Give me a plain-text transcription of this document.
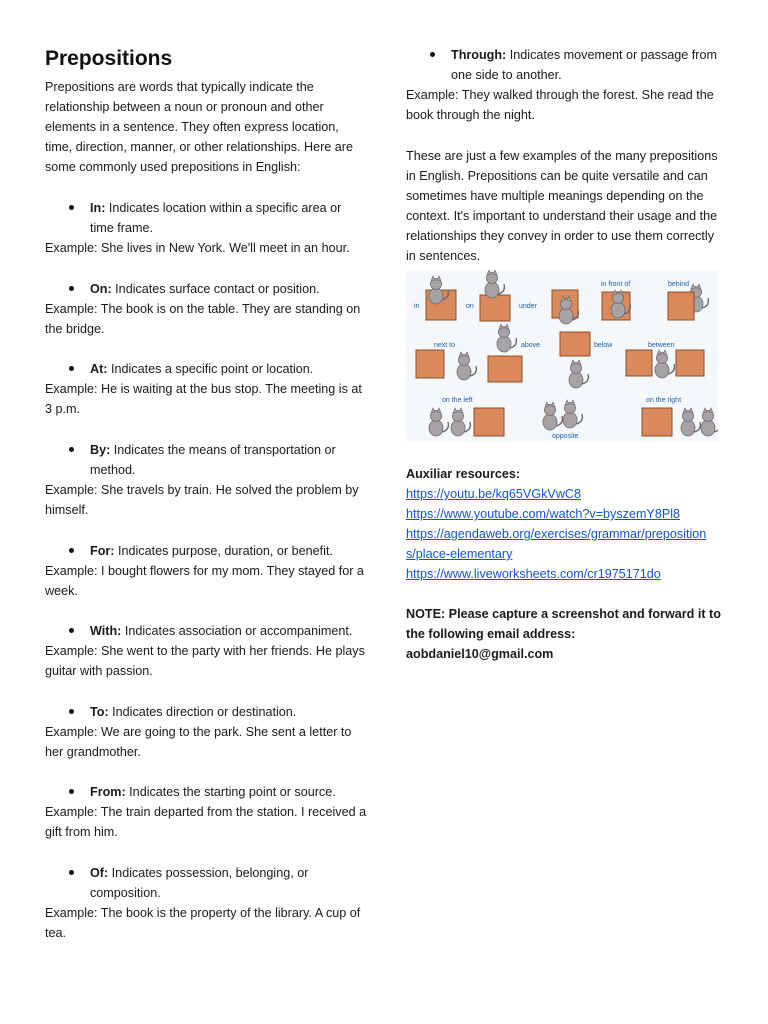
Prepositions

Prepositions are words that typically indicate the relationship between a noun or pronoun and other elements in a sentence. They often express location, time, direction, manner, or other relationships. Here are some commonly used prepositions in English:

In: Indicates location within a specific area or time frame.
Example: She lives in New York. We'll meet in an hour.
On: Indicates surface contact or position.
Example: The book is on the table. They are standing on the bridge.
At: Indicates a specific point or location.
Example: He is waiting at the bus stop. The meeting is at 3 p.m.
By: Indicates the means of transportation or method.
Example: She travels by train. He solved the problem by himself.
For: Indicates purpose, duration, or benefit.
Example: I bought flowers for my mom. They stayed for a week.
With: Indicates association or accompaniment.
Example: She went to the party with her friends. He plays guitar with passion.
To: Indicates direction or destination.
Example: We are going to the park. She sent a letter to her grandmother.
From: Indicates the starting point or source.
Example: The train departed from the station. I received a gift from him.
Of: Indicates possession, belonging, or composition.
Example: The book is the property of the library. A cup of tea.
Through: Indicates movement or passage from one side to another.
Example: They walked through the forest. She read the book through the night.

These are just a few examples of the many prepositions in English. Prepositions can be quite versatile and can sometimes have multiple meanings depending on the context. It's important to understand their usage and the relationships they convey in order to use them correctly in sentences.

Auxiliar resources:
https://youtu.be/kq65VGkVwC8
https://www.youtube.com/watch?v=byszemY8Pl8
https://agendaweb.org/exercises/grammar/preposition
s/place-elementary
https://www.liveworksheets.com/cr1975171do
NOTE: Please capture a screenshot and forward it to the following email address: aobdaniel10@gmail.com
in	on	under
in front of	behind
next to	above	below	between
on the left
opposite
on the right
